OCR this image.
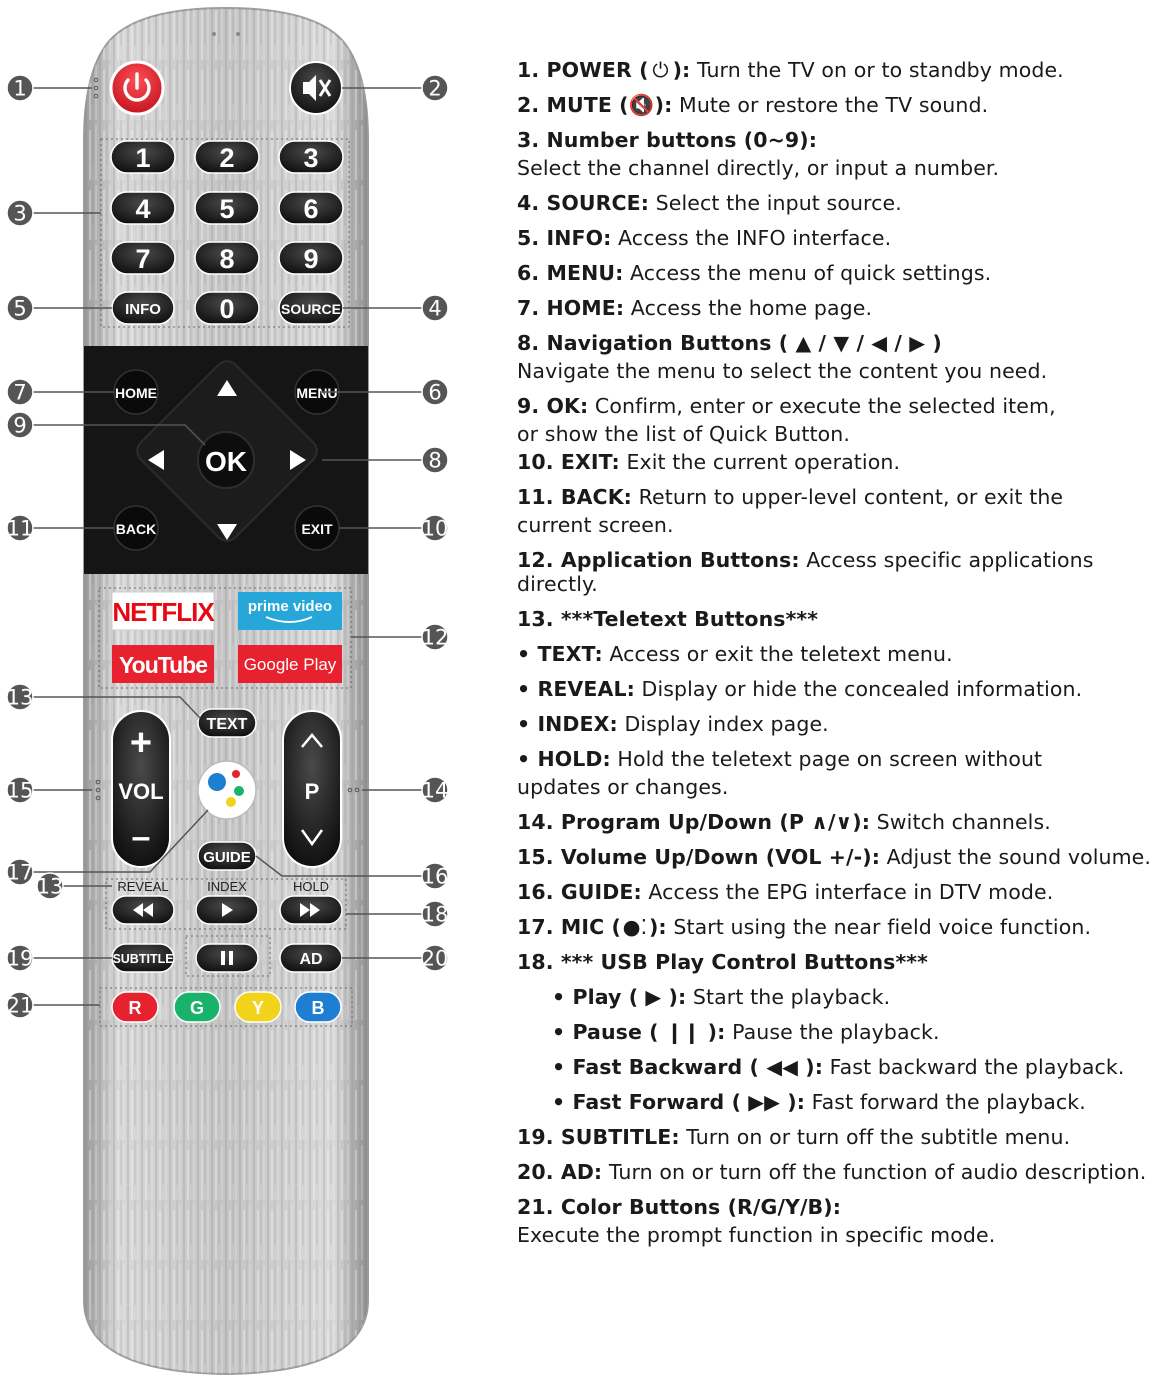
1	2	3
4	5	6
7	8	9
0
INFO	SOURCE
OK
HOME	MENU
BACK	EXIT
NETFLIX prime video
YouTube Google Play
TEXT
+
VOL
–
P
GUIDE
REVEAL	INDEX	HOLD
SUBTITLE	AD
R	G	Y	B
1	2
3
4
5
6
7
8
9
10
11
12
13
14
15
16
17
13
18
19	20
21
1. POWER ( ⏻ ): Turn the TV on or to standby mode.
2. MUTE (🔇): Mute or restore the TV sound.
3. Number buttons (0~9):
Select the channel directly, or input a number.
4. SOURCE: Select the input source.
5. INFO: Access the INFO interface.
6. MENU: Access the menu of quick settings.
7. HOME: Access the home page.
8. Navigation Buttons ( ▲ / ▼ / ◀ / ▶ )
Navigate the menu to select the content you need.
9. OK: Confirm, enter or execute the selected item,
or show the list of Quick Button.
10. EXIT: Exit the current operation.
11. BACK: Return to upper-level content, or exit the
current screen.
12. Application Buttons: Access specific applications
directly.
13. ***Teletext Buttons***
• TEXT: Access or exit the teletext menu.
• REVEAL: Display or hide the concealed information.
• INDEX: Display index page.
• HOLD: Hold the teletext page on screen without
updates or changes.
14. Program Up/Down (P ∧/∨): Switch channels.
15. Volume Up/Down (VOL +/-): Adjust the sound volume.
16. GUIDE: Access the EPG interface in DTV mode.
17. MIC (●⁚): Start using the near field voice function.
18. *** USB Play Control Buttons***
• Play ( ▶ ): Start the playback.
• Pause ( ❙❙ ): Pause the playback.
• Fast Backward ( ◀◀ ): Fast backward the playback.
• Fast Forward ( ▶▶ ): Fast forward the playback.
19. SUBTITLE: Turn on or turn off the subtitle menu.
20. AD: Turn on or turn off the function of audio description.
21. Color Buttons (R/G/Y/B):
Execute the prompt function in specific mode.
